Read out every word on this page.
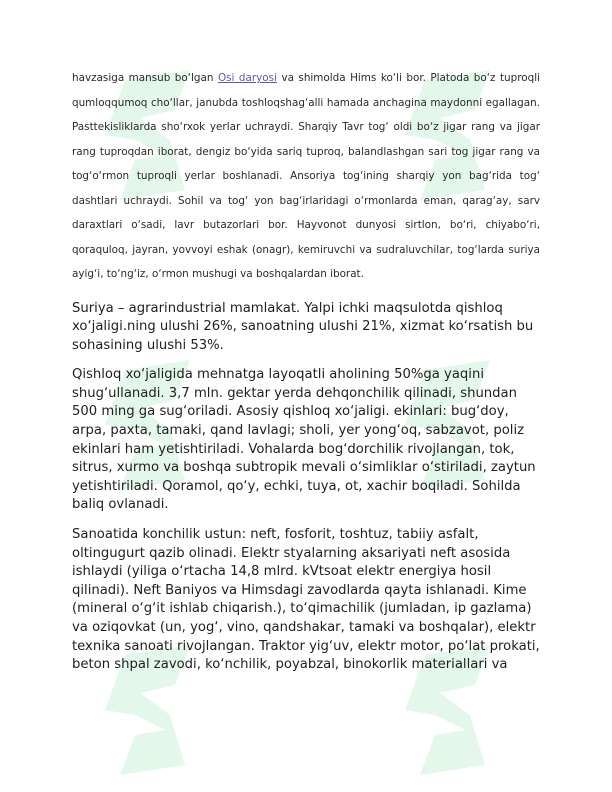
havzasiga mansub bo‘lgan Osi daryosi va shimolda Hims ko‘li bor. Platoda bo‘z tuproqli qumloqqumoq cho‘llar, janubda toshloqshag‘alli hamada anchagina maydonni egallagan. Pasttekisliklarda sho‘rxok yerlar uchraydi. Sharqiy Tavr tog‘ oldi bo‘z jigar rang va jigar rang tuproqdan iborat, dengiz bo‘yida sariq tuproq, balandlashgan sari tog jigar rang va tog‘o‘rmon tuproqli yerlar boshlanadi. Ansoriya tog‘ining sharqiy yon bag‘rida tog‘ dashtlari uchraydi. Sohil va tog‘ yon bag‘irlaridagi o‘rmonlarda eman, qarag‘ay, sarv daraxtlari o‘sadi, lavr butazorlari bor. Hayvonot dunyosi sirtlon, bo‘ri, chiyabo‘ri, qoraquloq, jayran, yovvoyi eshak (onagr), kemiruvchi va sudraluvchilar, tog‘larda suriya ayig‘i, to‘ng‘iz, o‘rmon mushugi va boshqalardan iborat.

Suriya – agrarindustrial mamlakat. Yalpi ichki maqsulotda qishloq xo‘jaligi.ning ulushi 26%, sanoatning ulushi 21%, xizmat ko‘rsatish bu sohasining ulushi 53%.

Qishloq xo‘jaligida mehnatga layoqatli aholining 50%ga yaqini shug‘ullanadi. 3,7 mln. gektar yerda dehqonchilik qilinadi, shundan 500 ming ga sug‘oriladi. Asosiy qishloq xo‘jaligi. ekinlari: bug‘doy, arpa, paxta, tamaki, qand lavlagi; sholi, yer yong‘oq, sabzavot, poliz ekinlari ham yetishtiriladi. Vohalarda bog‘dorchilik rivojlangan, tok, sitrus, xurmo va boshqa subtropik mevali o‘simliklar o‘stiriladi, zaytun yetishtiriladi. Qoramol, qo‘y, echki, tuya, ot, xachir boqiladi. Sohilda baliq ovlanadi.

Sanoatida konchilik ustun: neft, fosforit, toshtuz, tabiiy asfalt, oltingugurt qazib olinadi. Elektr styalarning aksariyati neft asosida ishlaydi (yiliga o‘rtacha 14,8 mlrd. kVtsoat elektr energiya hosil qilinadi). Neft Baniyos va Himsdagi zavodlarda qayta ishlanadi. Kime (mineral o‘g‘it ishlab chiqarish.), to‘qimachilik (jumladan, ip gazlama) va oziqovkat (un, yog‘, vino, qandshakar, tamaki va boshqalar), elektr texnika sanoati rivojlangan. Traktor yig‘uv, elektr motor, po‘lat prokati, beton shpal zavodi, ko‘nchilik, poyabzal, binokorlik materiallari va
